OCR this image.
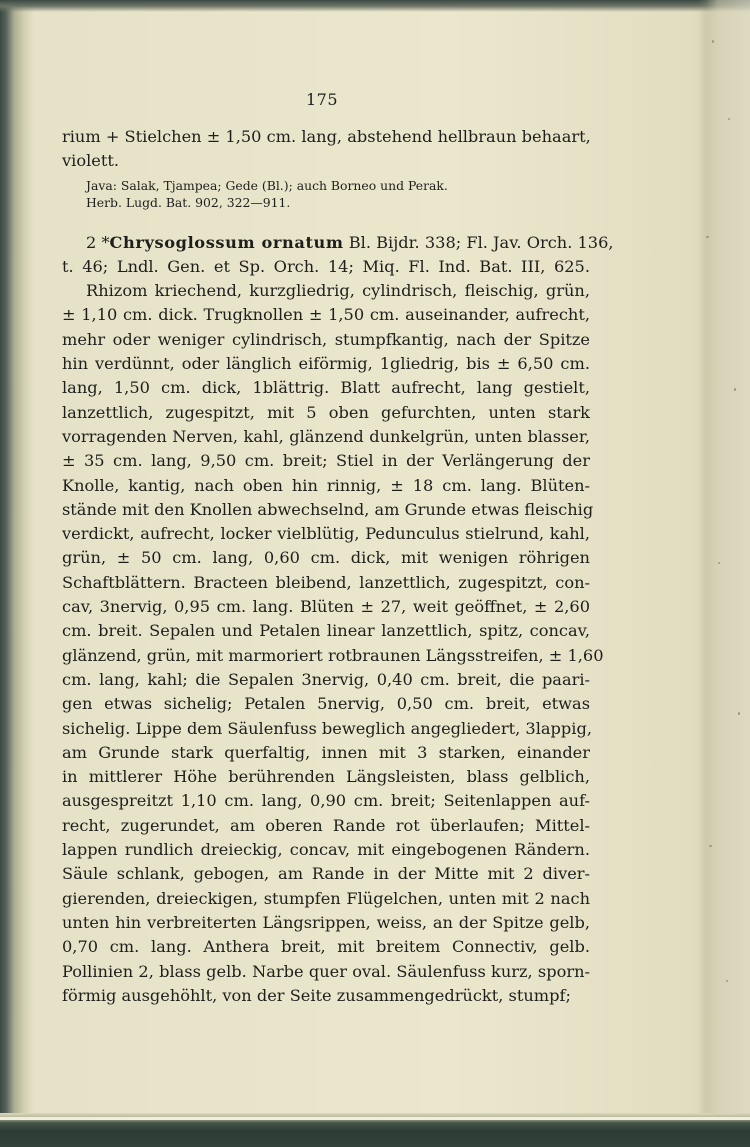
175
rium + Stielchen ± 1,50 cm. lang, abstehend hellbraun behaart,
violett.
Java: Salak, Tjampea; Gede (Bl.); auch Borneo und Perak.
Herb. Lugd. Bat. 902, 322—911.
2 *Chrysoglossum ornatum Bl. Bijdr. 338; Fl. Jav. Orch. 136,
t. 46; Lndl. Gen. et Sp. Orch. 14; Miq. Fl. Ind. Bat. III, 625.
Rhizom kriechend, kurzgliedrig, cylindrisch, fleischig, grün,
± 1,10 cm. dick. Trugknollen ± 1,50 cm. auseinander, aufrecht,
mehr oder weniger cylindrisch, stumpfkantig, nach der Spitze
hin verdünnt, oder länglich eiförmig, 1gliedrig, bis ± 6,50 cm.
lang, 1,50 cm. dick, 1blättrig. Blatt aufrecht, lang gestielt,
lanzettlich, zugespitzt, mit 5 oben gefurchten, unten stark
vorragenden Nerven, kahl, glänzend dunkelgrün, unten blasser,
± 35 cm. lang, 9,50 cm. breit; Stiel in der Verlängerung der
Knolle, kantig, nach oben hin rinnig, ± 18 cm. lang. Blüten-
stände mit den Knollen abwechselnd, am Grunde etwas fleischig
verdickt, aufrecht, locker vielblütig, Pedunculus stielrund, kahl,
grün, ± 50 cm. lang, 0,60 cm. dick, mit wenigen röhrigen
Schaftblättern. Bracteen bleibend, lanzettlich, zugespitzt, con-
cav, 3nervig, 0,95 cm. lang. Blüten ± 27, weit geöffnet, ± 2,60
cm. breit. Sepalen und Petalen linear lanzettlich, spitz, concav,
glänzend, grün, mit marmoriert rotbraunen Längsstreifen, ± 1,60
cm. lang, kahl; die Sepalen 3nervig, 0,40 cm. breit, die paari-
gen etwas sichelig; Petalen 5nervig, 0,50 cm. breit, etwas
sichelig. Lippe dem Säulenfuss beweglich angegliedert, 3lappig,
am Grunde stark querfaltig, innen mit 3 starken, einander
in mittlerer Höhe berührenden Längsleisten, blass gelblich,
ausgespreitzt 1,10 cm. lang, 0,90 cm. breit; Seitenlappen auf-
recht, zugerundet, am oberen Rande rot überlaufen; Mittel-
lappen rundlich dreieckig, concav, mit eingebogenen Rändern.
Säule schlank, gebogen, am Rande in der Mitte mit 2 diver-
gierenden, dreieckigen, stumpfen Flügelchen, unten mit 2 nach
unten hin verbreiterten Längsrippen, weiss, an der Spitze gelb,
0,70 cm. lang. Anthera breit, mit breitem Connectiv, gelb.
Pollinien 2, blass gelb. Narbe quer oval. Säulenfuss kurz, sporn-
förmig ausgehöhlt, von der Seite zusammengedrückt, stumpf;
